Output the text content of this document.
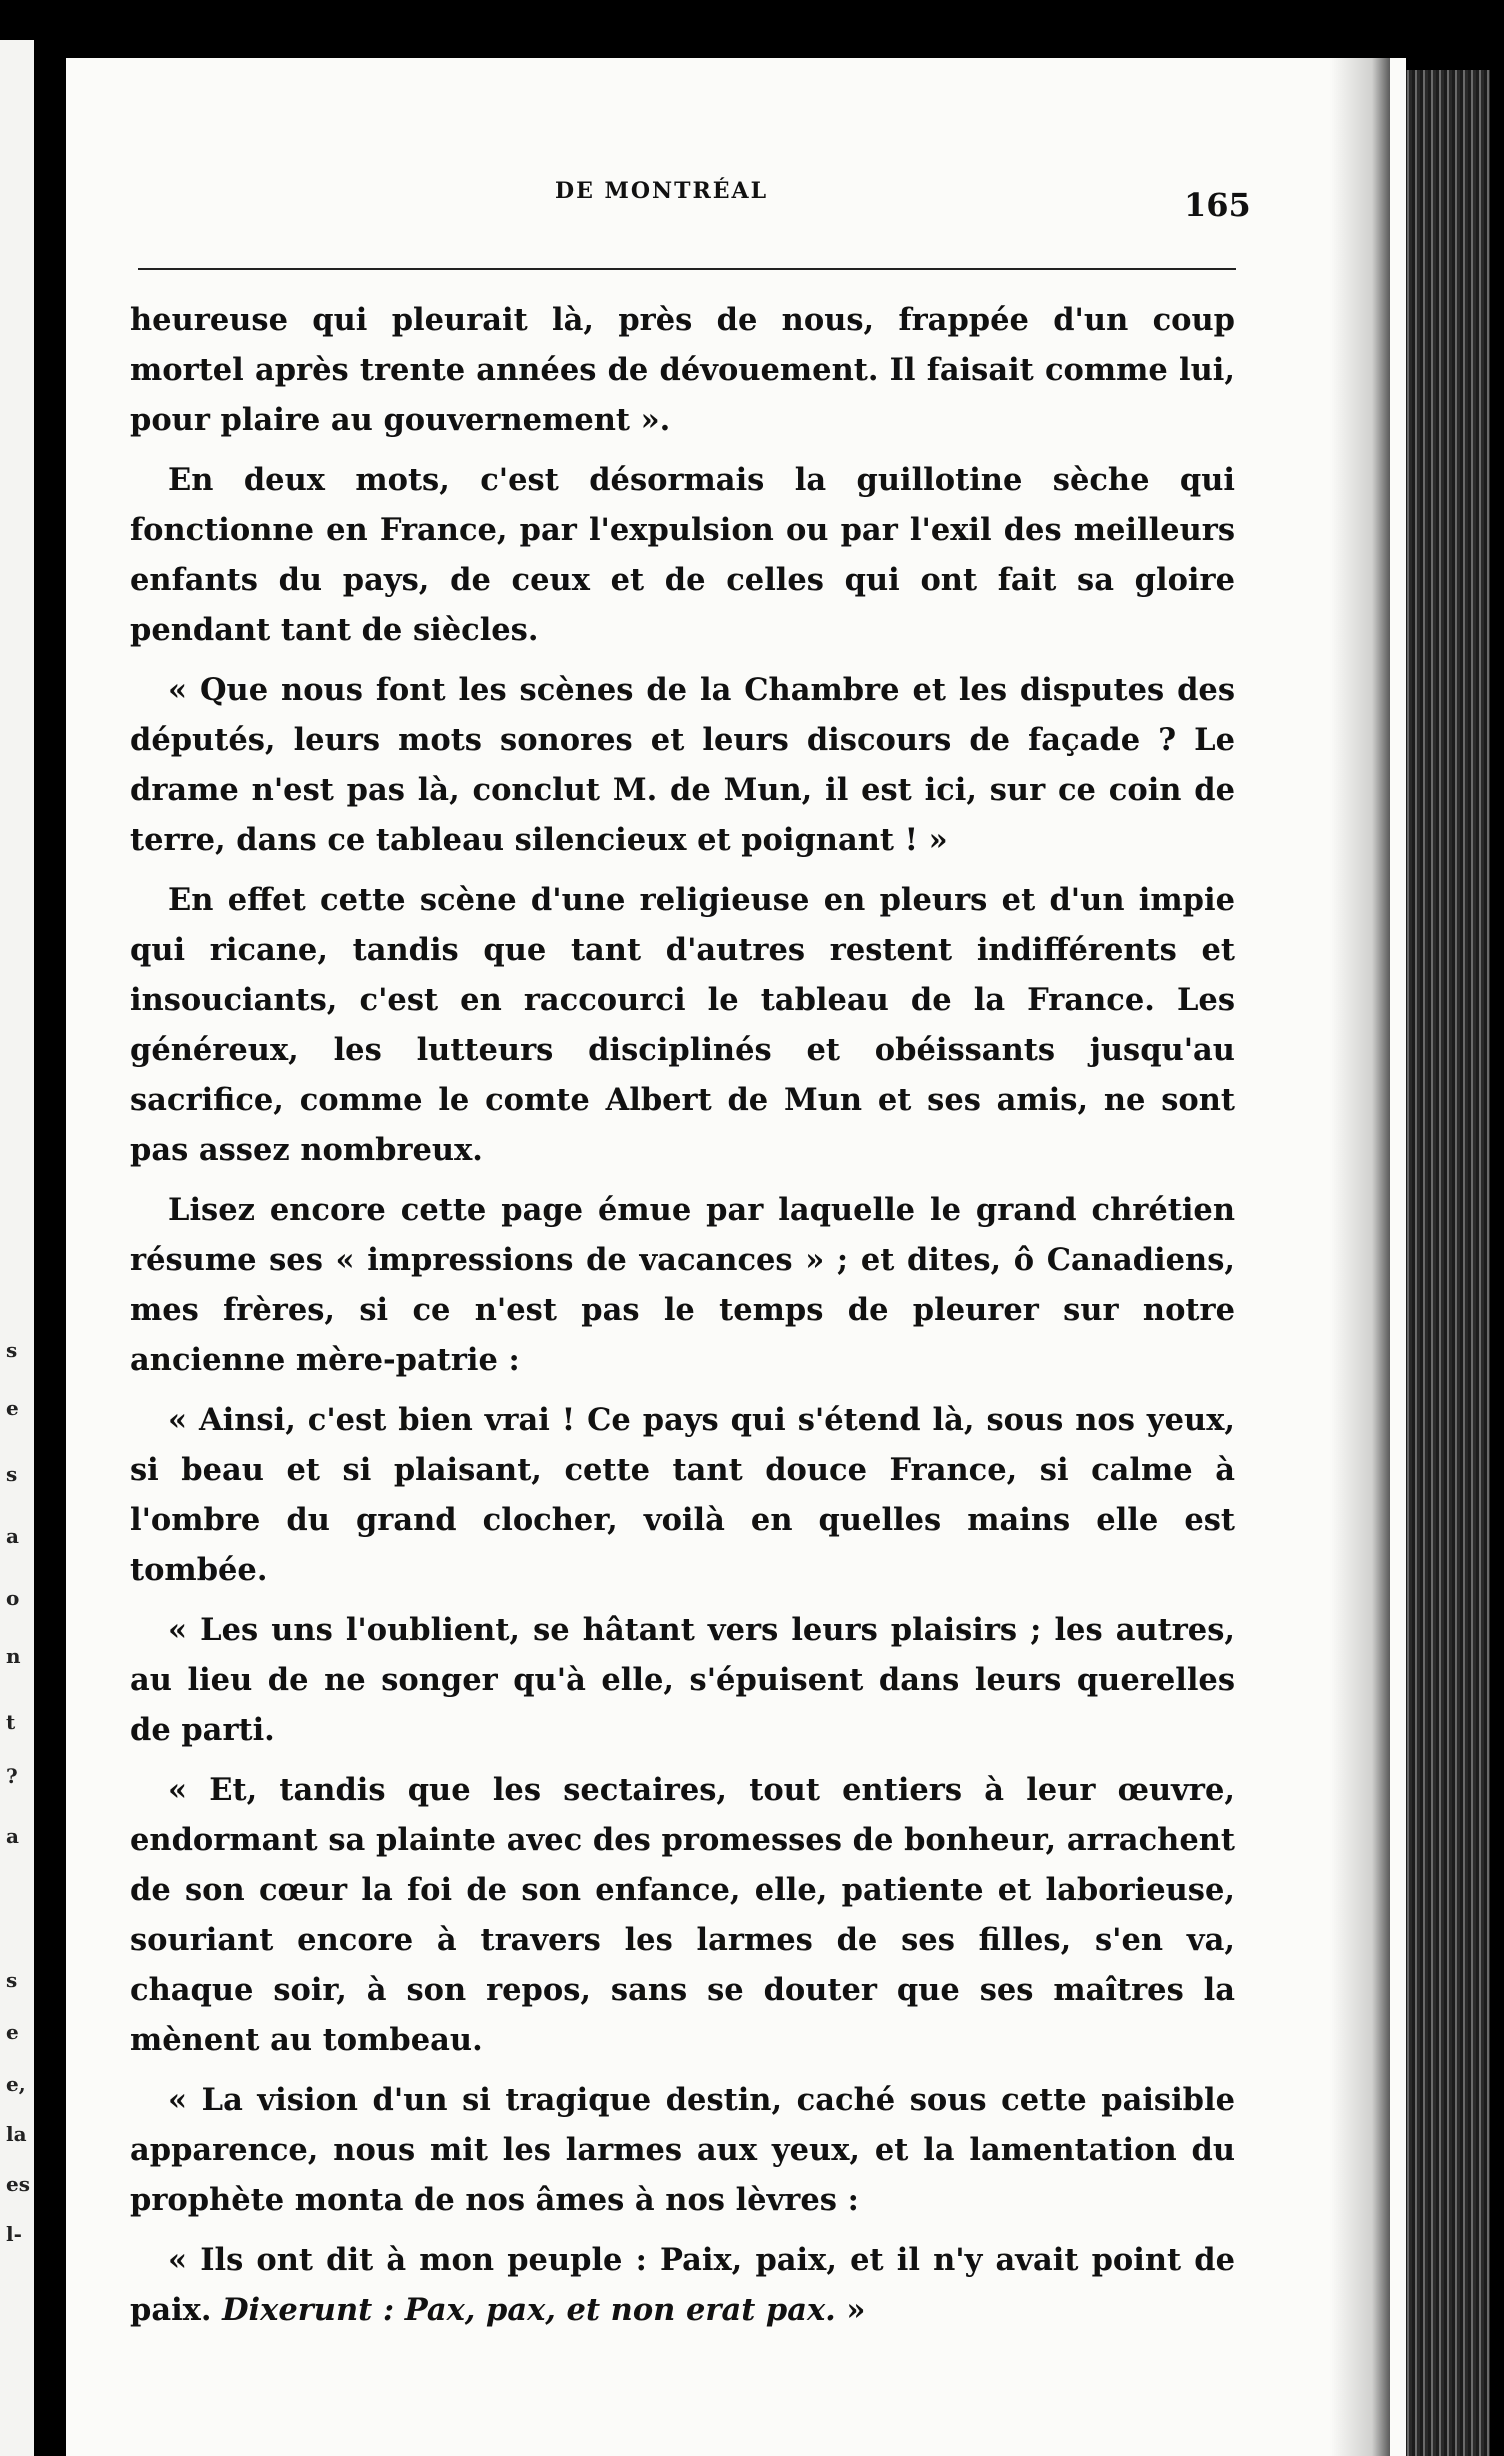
s
e
s
a
o
n
t
?
a
s
e
e,
la
es
l-
DE MONTRÉAL	165

heureuse qui pleurait là, près de nous, frappée d'un coup mortel après trente années de dévouement. Il faisait comme lui, pour plaire au gouvernement ».

En deux mots, c'est désormais la guillotine sèche qui fonctionne en France, par l'expulsion ou par l'exil des meilleurs enfants du pays, de ceux et de celles qui ont fait sa gloire pendant tant de siècles.

« Que nous font les scènes de la Chambre et les disputes des députés, leurs mots sonores et leurs discours de façade ? Le drame n'est pas là, conclut M. de Mun, il est ici, sur ce coin de terre, dans ce tableau silencieux et poignant ! »

En effet cette scène d'une religieuse en pleurs et d'un impie qui ricane, tandis que tant d'autres restent indifférents et insouciants, c'est en raccourci le tableau de la France. Les généreux, les lutteurs disciplinés et obéissants jusqu'au sacrifice, comme le comte Albert de Mun et ses amis, ne sont pas assez nombreux.

Lisez encore cette page émue par laquelle le grand chrétien résume ses « impressions de vacances » ; et dites, ô Canadiens, mes frères, si ce n'est pas le temps de pleurer sur notre ancienne mère-patrie :

« Ainsi, c'est bien vrai ! Ce pays qui s'étend là, sous nos yeux, si beau et si plaisant, cette tant douce France, si calme à l'ombre du grand clocher, voilà en quelles mains elle est tombée.

« Les uns l'oublient, se hâtant vers leurs plaisirs ; les autres, au lieu de ne songer qu'à elle, s'épuisent dans leurs querelles de parti.

« Et, tandis que les sectaires, tout entiers à leur œuvre, endormant sa plainte avec des promesses de bonheur, arrachent de son cœur la foi de son enfance, elle, patiente et laborieuse, souriant encore à travers les larmes de ses filles, s'en va, chaque soir, à son repos, sans se douter que ses maîtres la mènent au tombeau.

« La vision d'un si tragique destin, caché sous cette paisible apparence, nous mit les larmes aux yeux, et la lamentation du prophète monta de nos âmes à nos lèvres :

« Ils ont dit à mon peuple : Paix, paix, et il n'y avait point de paix. Dixerunt : Pax, pax, et non erat pax. »
